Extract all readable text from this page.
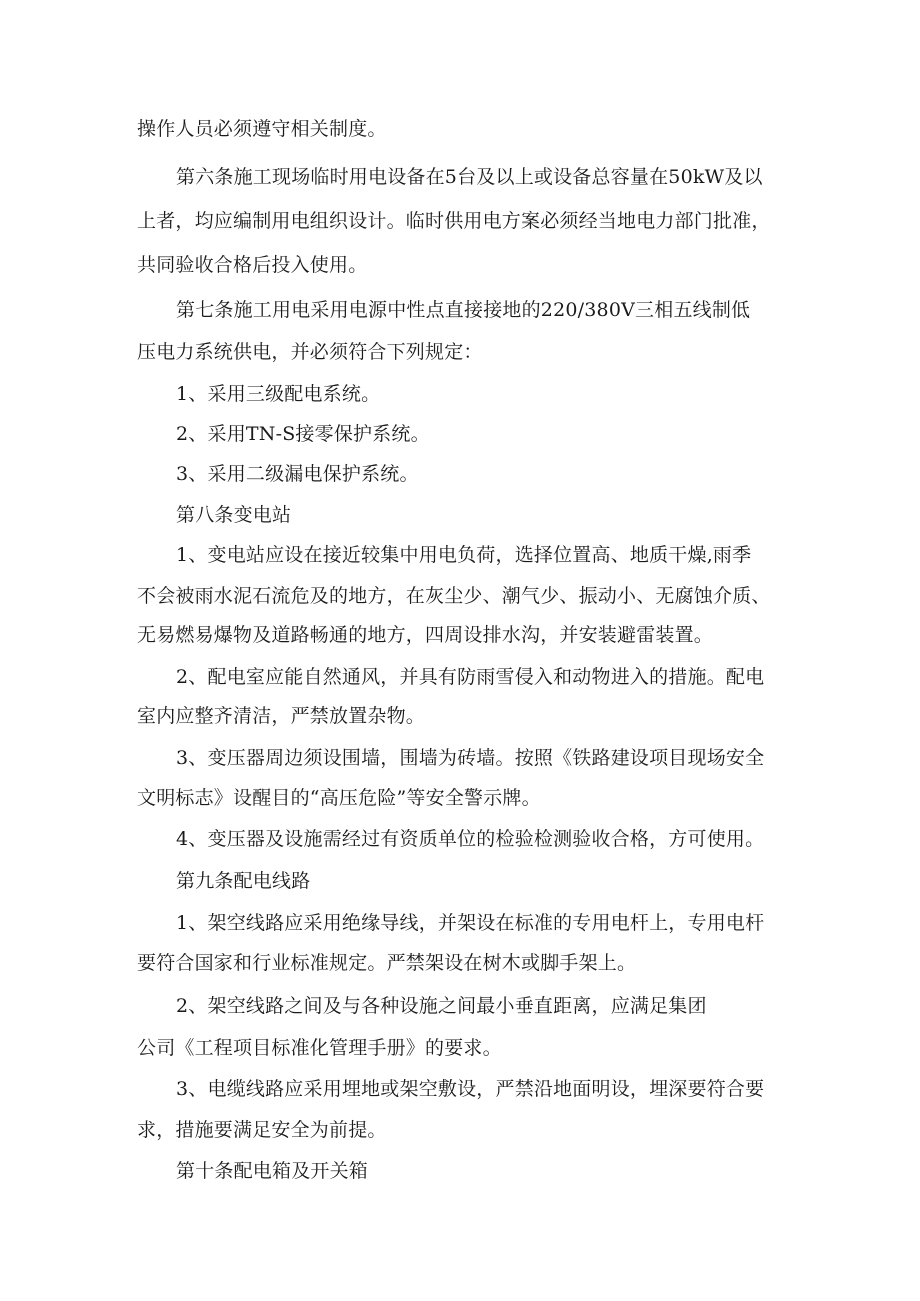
操作人员必须遵守相关制度。
第六条施工现场临时用电设备在5台及以上或设备总容量在50kW及以
上者，均应编制用电组织设计。临时供用电方案必须经当地电力部门批准，
共同验收合格后投入使用。
第七条施工用电采用电源中性点直接接地的220/380V三相五线制低
压电力系统供电，并必须符合下列规定：
1、采用三级配电系统。
2、采用TN-S接零保护系统。
3、采用二级漏电保护系统。
第八条变电站
1、变电站应设在接近较集中用电负荷，选择位置高、地质干燥,雨季
不会被雨水泥石流危及的地方，在灰尘少、潮气少、振动小、无腐蚀介质、
无易燃易爆物及道路畅通的地方，四周设排水沟，并安装避雷装置。
2、配电室应能自然通风，并具有防雨雪侵入和动物进入的措施。配电
室内应整齐清洁，严禁放置杂物。
3、变压器周边须设围墙，围墙为砖墙。按照《铁路建设项目现场安全
文明标志》设醒目的“高压危险”等安全警示牌。
4、变压器及设施需经过有资质单位的检验检测验收合格，方可使用。
第九条配电线路
1、架空线路应采用绝缘导线，并架设在标准的专用电杆上，专用电杆
要符合国家和行业标准规定。严禁架设在树木或脚手架上。
2、架空线路之间及与各种设施之间最小垂直距离，应满足集团
公司《工程项目标准化管理手册》的要求。
3、电缆线路应采用埋地或架空敷设，严禁沿地面明设，埋深要符合要
求，措施要满足安全为前提。
第十条配电箱及开关箱
